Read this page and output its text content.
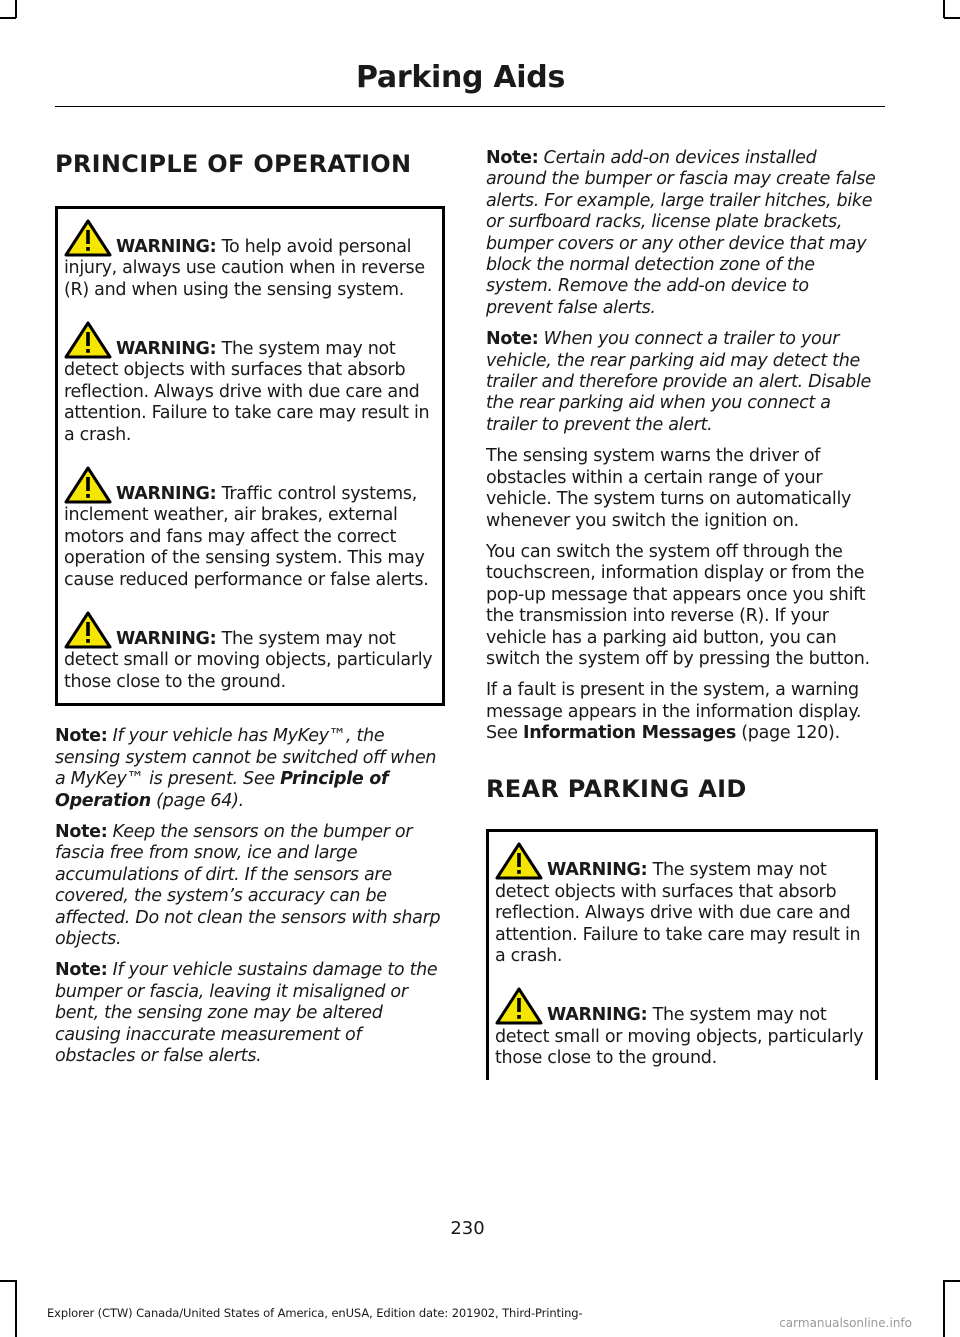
Parking Aids
PRINCIPLE OF OPERATION

WARNING: To help avoid personal injury, always use caution when in reverse (R) and when using the sensing system.

WARNING: The system may not detect objects with surfaces that absorb reflection. Always drive with due care and attention. Failure to take care may result in a crash.

WARNING: Traffic control systems, inclement weather, air brakes, external motors and fans may affect the correct operation of the sensing system. This may cause reduced performance or false alerts.

WARNING: The system may not detect small or moving objects, particularly those close to the ground.

Note: If your vehicle has MyKey™, the sensing system cannot be switched off when a MyKey™ is present. See Principle of Operation (page 64).

Note: Keep the sensors on the bumper or fascia free from snow, ice and large accumulations of dirt. If the sensors are covered, the system’s accuracy can be affected. Do not clean the sensors with sharp objects.

Note: If your vehicle sustains damage to the bumper or fascia, leaving it misaligned or bent, the sensing zone may be altered causing inaccurate measurement of obstacles or false alerts.

Note: Certain add-on devices installed around the bumper or fascia may create false alerts. For example, large trailer hitches, bike or surfboard racks, license plate brackets, bumper covers or any other device that may block the normal detection zone of the system. Remove the add-on device to prevent false alerts.

Note: When you connect a trailer to your vehicle, the rear parking aid may detect the trailer and therefore provide an alert. Disable the rear parking aid when you connect a trailer to prevent the alert.

The sensing system warns the driver of obstacles within a certain range of your vehicle. The system turns on automatically whenever you switch the ignition on.

You can switch the system off through the touchscreen, information display or from the pop-up message that appears once you shift the transmission into reverse (R). If your vehicle has a parking aid button, you can switch the system off by pressing the button.

If a fault is present in the system, a warning message appears in the information display. See Information Messages (page 120).

REAR PARKING AID

WARNING: The system may not detect objects with surfaces that absorb reflection. Always drive with due care and attention. Failure to take care may result in a crash.

WARNING: The system may not detect small or moving objects, particularly those close to the ground.

230
Explorer (CTW) Canada/United States of America, enUSA, Edition date: 201902, Third-Printing-
carmanualsonline.info
